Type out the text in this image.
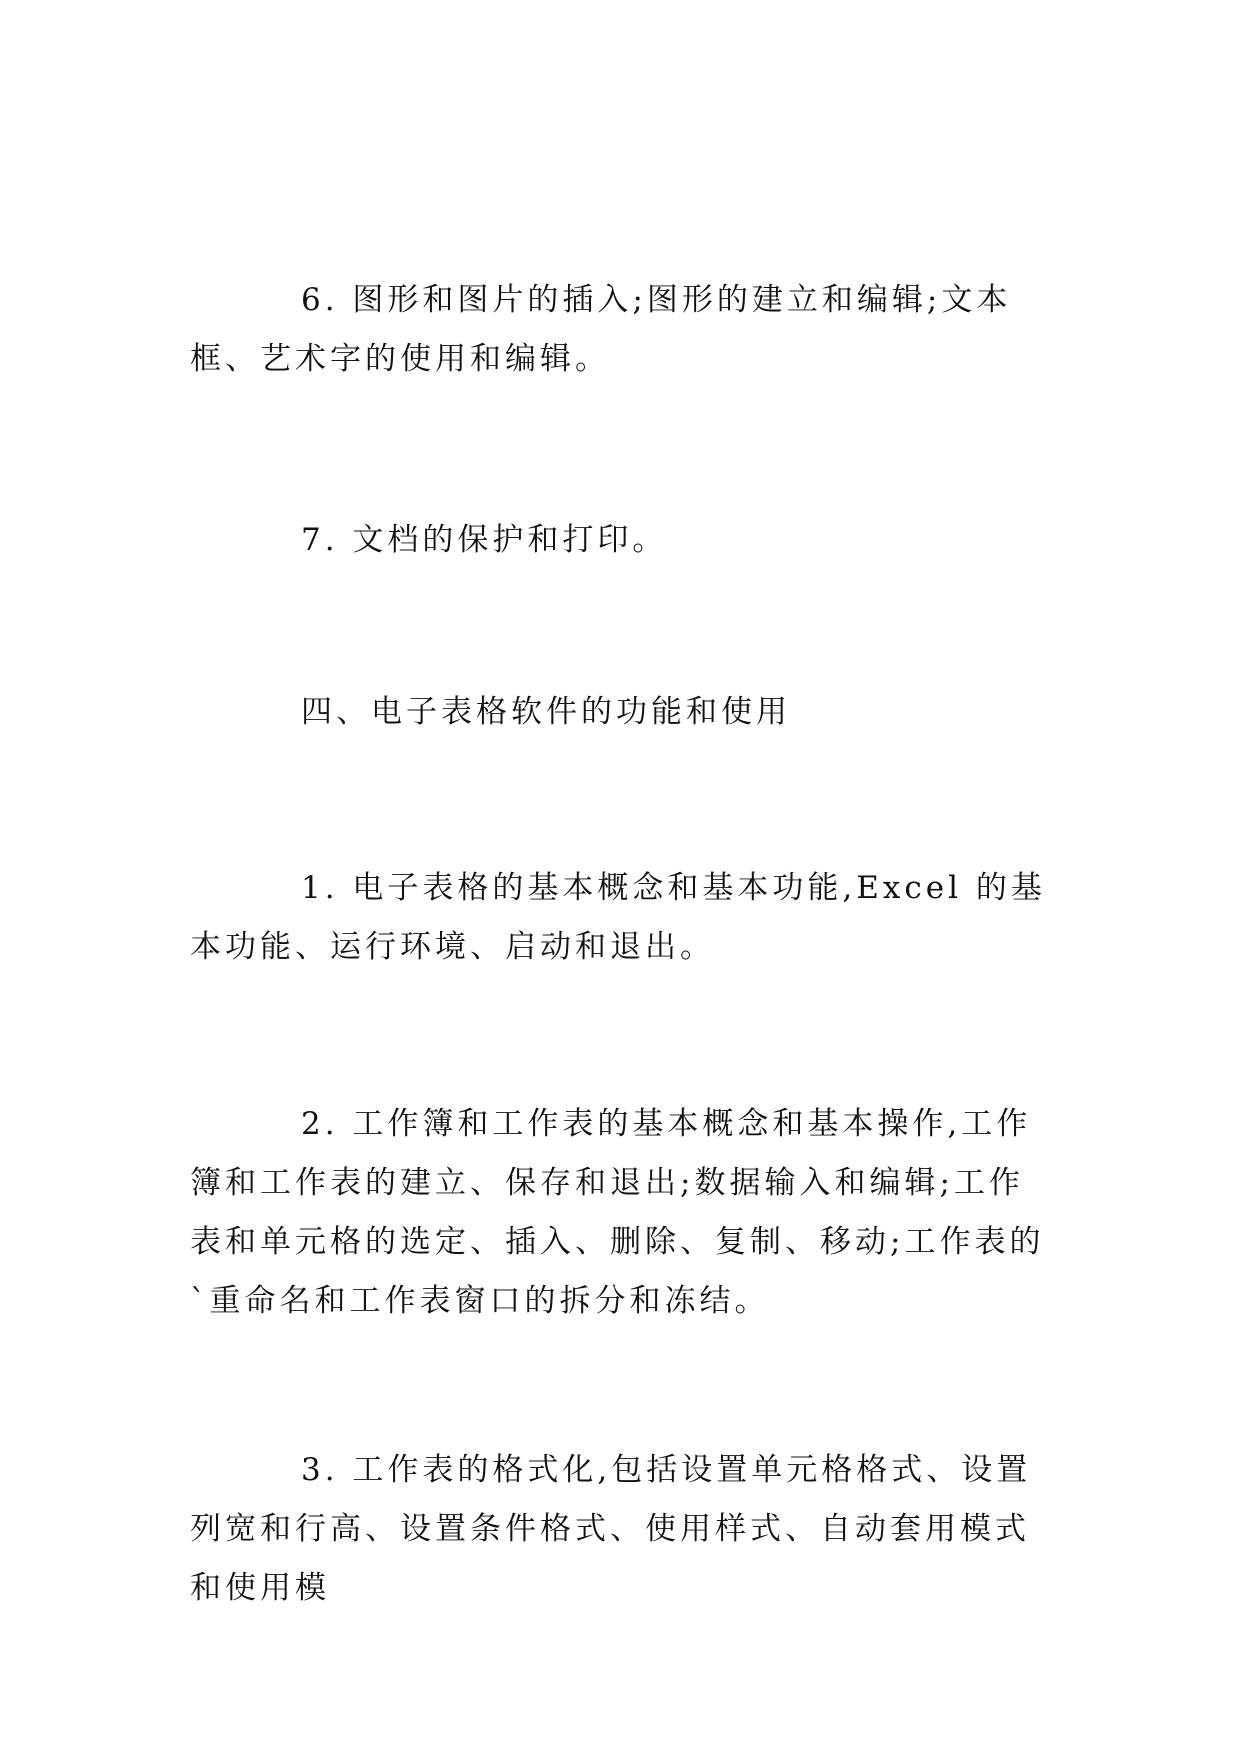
6. 图形和图片的插入;图形的建立和编辑;文本框、艺术字的使用和编辑。

7. 文档的保护和打印。

四、电子表格软件的功能和使用

1. 电子表格的基本概念和基本功能,Excel 的基本功能、运行环境、启动和退出。

2. 工作簿和工作表的基本概念和基本操作,工作簿和工作表的建立、保存和退出;数据输入和编辑;工作表和单元格的选定、插入、删除、复制、移动;工作表的`重命名和工作表窗口的拆分和冻结。

3. 工作表的格式化,包括设置单元格格式、设置列宽和行高、设置条件格式、使用样式、自动套用模式和使用模
